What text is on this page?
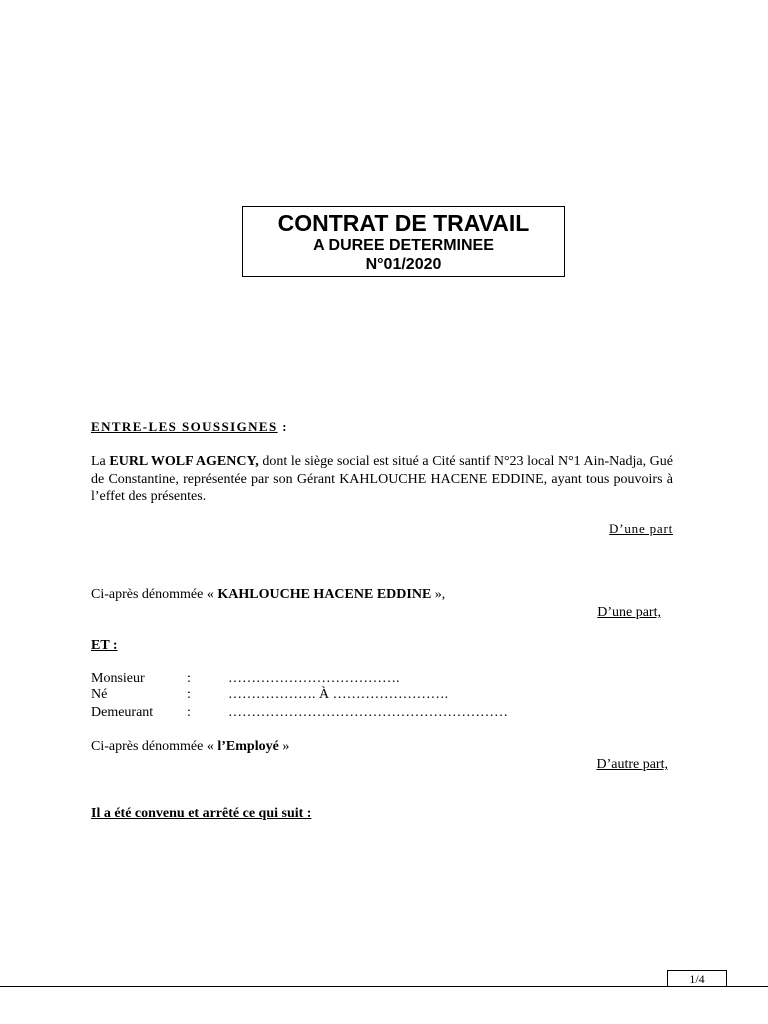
CONTRAT DE TRAVAIL
A DUREE DETERMINEE
N°01/2020
ENTRE-LES SOUSSIGNES :
La EURL WOLF AGENCY, dont le siège social est situé a Cité santif N°23 local N°1 Ain-Nadja, Gué de Constantine, représentée par son Gérant KAHLOUCHE HACENE EDDINE, ayant tous pouvoirs à l’effet des présentes.
D’une part
Ci-après dénommée « KAHLOUCHE HACENE EDDINE »,
D’une part,
ET :
Monsieur	:	……………………………….
Né	:	………………. À …………………….
Demeurant :	……………………………………………………
Ci-après dénommée « l’Employé »
D’autre part,
Il a été convenu et arrêté ce qui suit :
1/4
